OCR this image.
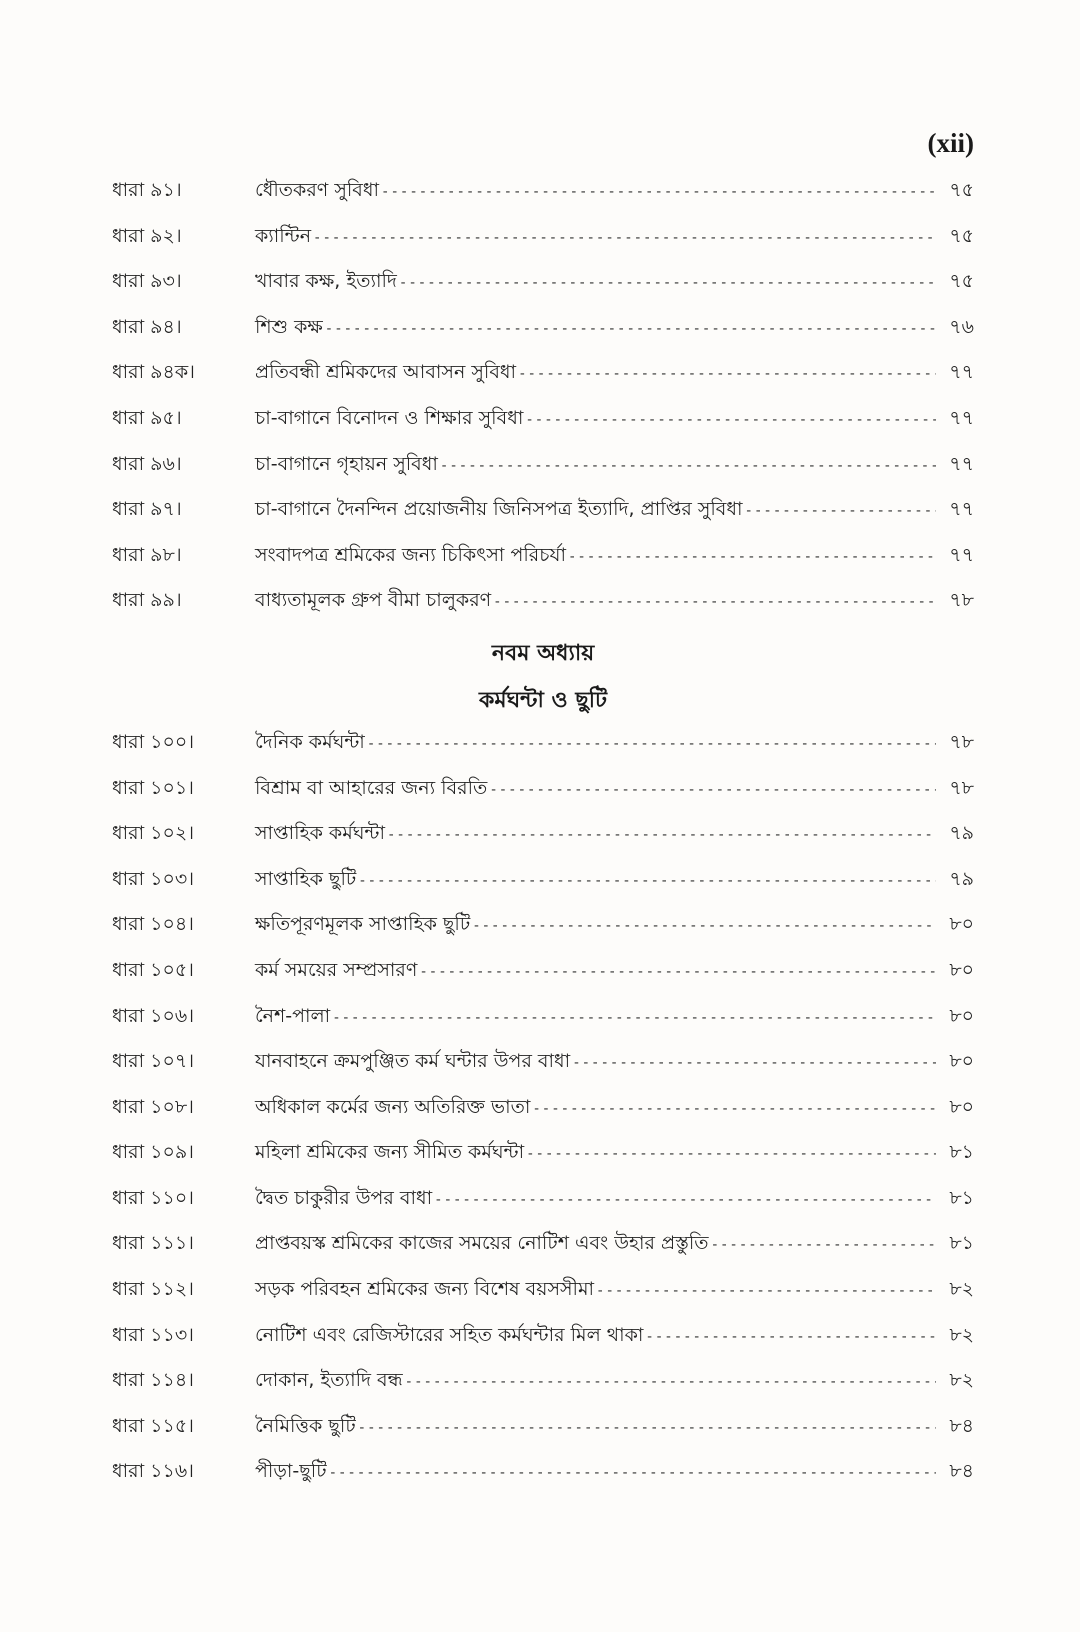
(xii)
ধারা ৯১।	ধৌতকরণ সুবিধা -----	৭৫
ধারা ৯২।	ক্যান্টিন -----	৭৫
ধারা ৯৩।	খাবার কক্ষ, ইত্যাদি -----	৭৫
ধারা ৯৪।	শিশু কক্ষ -----	৭৬
ধারা ৯৪ক।	প্রতিবন্ধী শ্রমিকদের আবাসন সুবিধা -----	৭৭
ধারা ৯৫।	চা-বাগানে বিনোদন ও শিক্ষার সুবিধা -----	৭৭
ধারা ৯৬।	চা-বাগানে গৃহায়ন সুবিধা -----	৭৭
ধারা ৯৭।	চা-বাগানে দৈনন্দিন প্রয়োজনীয় জিনিসপত্র ইত্যাদি, প্রাপ্তির সুবিধা -----	৭৭
ধারা ৯৮।	সংবাদপত্র শ্রমিকের জন্য চিকিৎসা পরিচর্যা -----	৭৭
ধারা ৯৯।	বাধ্যতামূলক গ্রুপ বীমা চালুকরণ -----	৭৮
নবম অধ্যায়
কর্মঘন্টা ও ছুটি
ধারা ১০০।	দৈনিক কর্মঘন্টা -----	৭৮
ধারা ১০১।	বিশ্রাম বা আহারের জন্য বিরতি -----	৭৮
ধারা ১০২।	সাপ্তাহিক কর্মঘন্টা -----	৭৯
ধারা ১০৩।	সাপ্তাহিক ছুটি -----	৭৯
ধারা ১০৪।	ক্ষতিপূরণমূলক সাপ্তাহিক ছুটি -----	৮০
ধারা ১০৫।	কর্ম সময়ের সম্প্রসারণ -----	৮০
ধারা ১০৬।	নৈশ-পালা -----	৮০
ধারা ১০৭।	যানবাহনে ক্রমপুঞ্জিত কর্ম ঘন্টার উপর বাধা -----	৮০
ধারা ১০৮।	অধিকাল কর্মের জন্য অতিরিক্ত ভাতা -----	৮০
ধারা ১০৯।	মহিলা শ্রমিকের জন্য সীমিত কর্মঘন্টা -----	৮১
ধারা ১১০।	দ্বৈত চাকুরীর উপর বাধা -----	৮১
ধারা ১১১।	প্রাপ্তবয়স্ক শ্রমিকের কাজের সময়ের নোটিশ এবং উহার প্রস্তুতি -----	৮১
ধারা ১১২।	সড়ক পরিবহন শ্রমিকের জন্য বিশেষ বয়সসীমা -----	৮২
ধারা ১১৩।	নোটিশ এবং রেজিস্টারের সহিত কর্মঘন্টার মিল থাকা -----	৮২
ধারা ১১৪।	দোকান, ইত্যাদি বন্ধ -----	৮২
ধারা ১১৫।	নৈমিত্তিক ছুটি -----	৮৪
ধারা ১১৬।	পীড়া-ছুটি -----	৮৪
